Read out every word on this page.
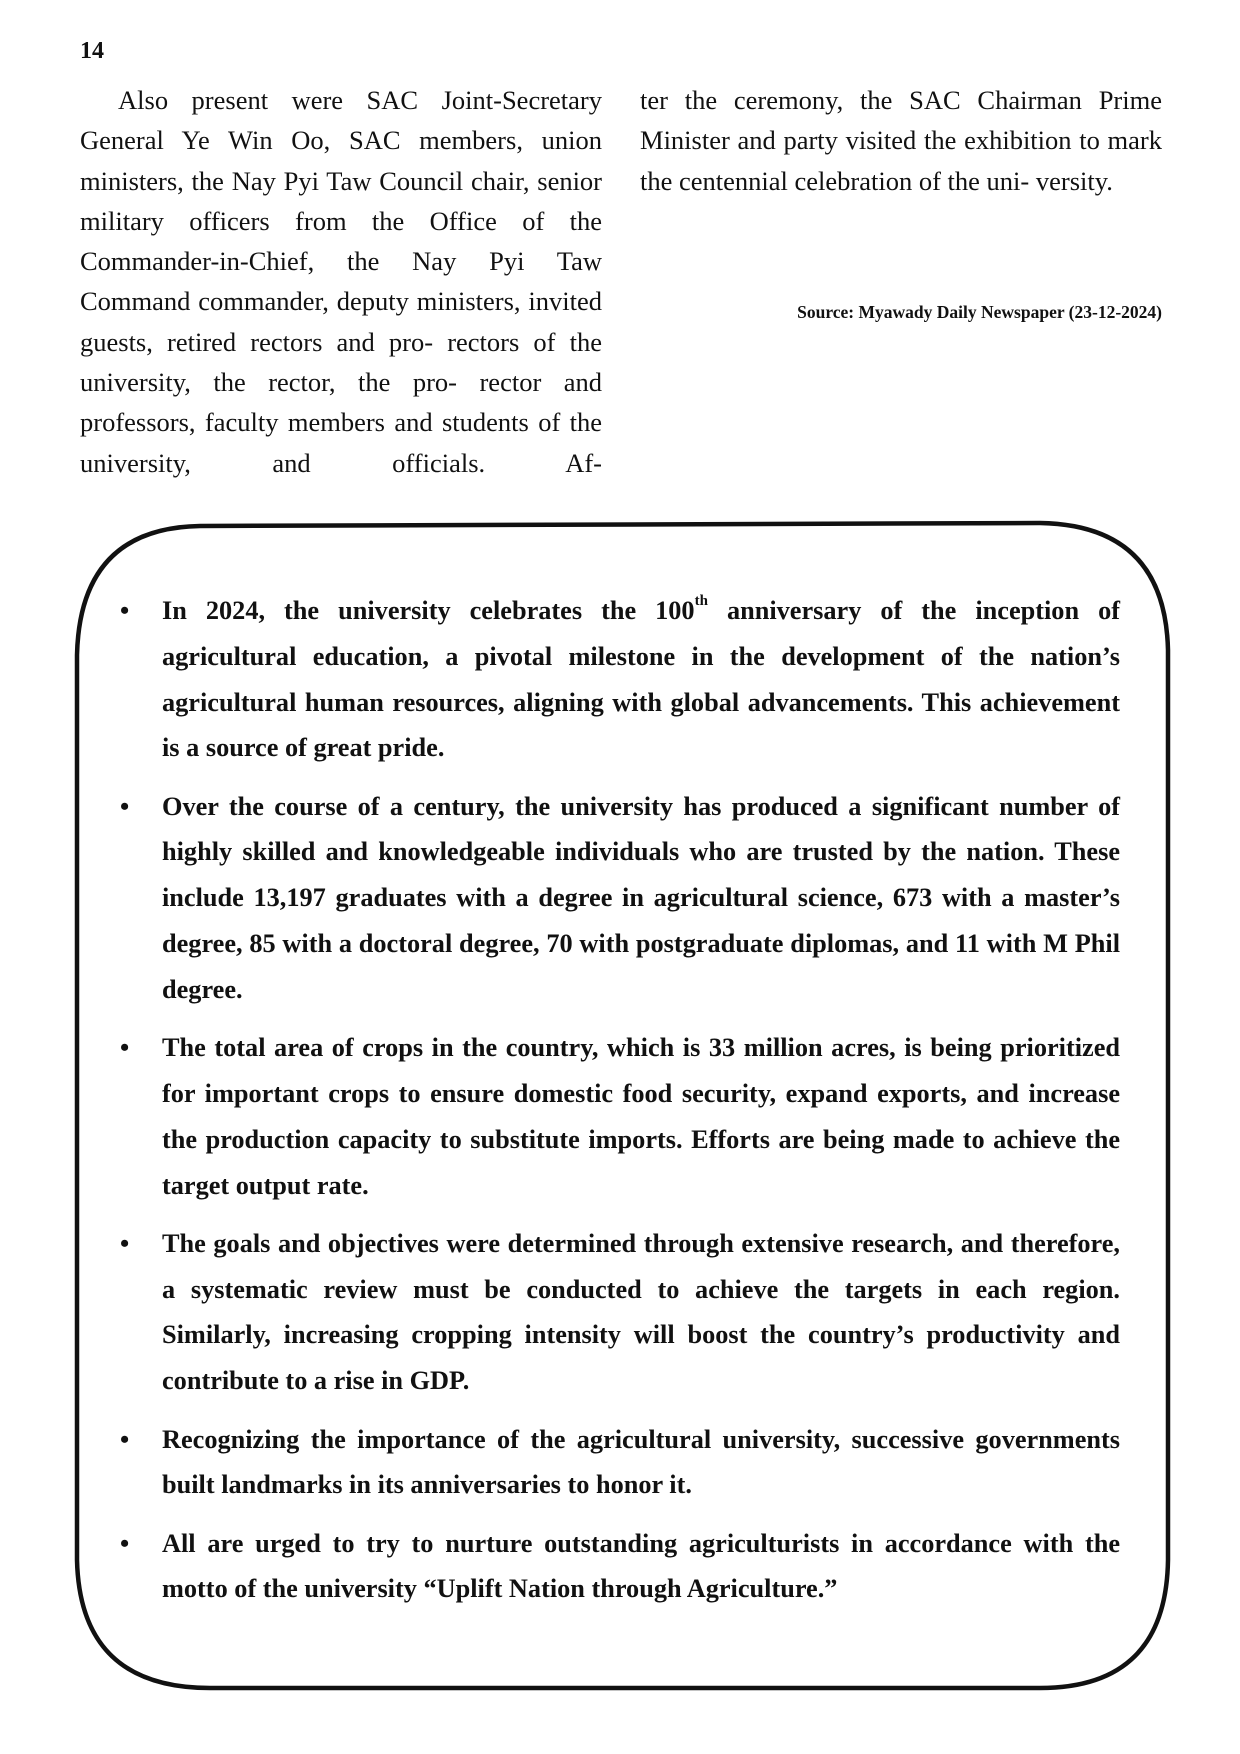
14

Also present were SAC Joint-Secretary General Ye Win Oo, SAC members, union ministers, the Nay Pyi Taw Council chair, senior military officers from the Office of the Commander-in-Chief, the Nay Pyi Taw Command commander, deputy ministers, invited guests, retired rectors and pro- rectors of the university, the rector, the pro- rector and professors, faculty members and students of the university, and officials. Af-

ter the ceremony, the SAC Chairman Prime Minister and party visited the exhibition to mark the centennial celebration of the uni- versity.

Source: Myawady Daily Newspaper (23-12-2024)
• In 2024, the university celebrates the 100th anniversary of the inception of agricultural education, a pivotal milestone in the development of the nation’s agricultural human resources, aligning with global advancements. This achievement is a source of great pride.
• Over the course of a century, the university has produced a significant number of highly skilled and knowledgeable individuals who are trusted by the nation. These include 13,197 graduates with a degree in agricultural science, 673 with a master’s degree, 85 with a doctoral degree, 70 with postgraduate diplomas, and 11 with M Phil degree.
• The total area of crops in the country, which is 33 million acres, is being prioritized for important crops to ensure domestic food security, expand exports, and increase the production capacity to substitute imports. Efforts are being made to achieve the target output rate.
• The goals and objectives were determined through extensive research, and therefore, a systematic review must be conducted to achieve the targets in each region. Similarly, increasing cropping intensity will boost the country’s productivity and contribute to a rise in GDP.
• Recognizing the importance of the agricultural university, successive governments built landmarks in its anniversaries to honor it.
• All are urged to try to nurture outstanding agriculturists in accordance with the motto of the university “Uplift Nation through Agriculture.”
